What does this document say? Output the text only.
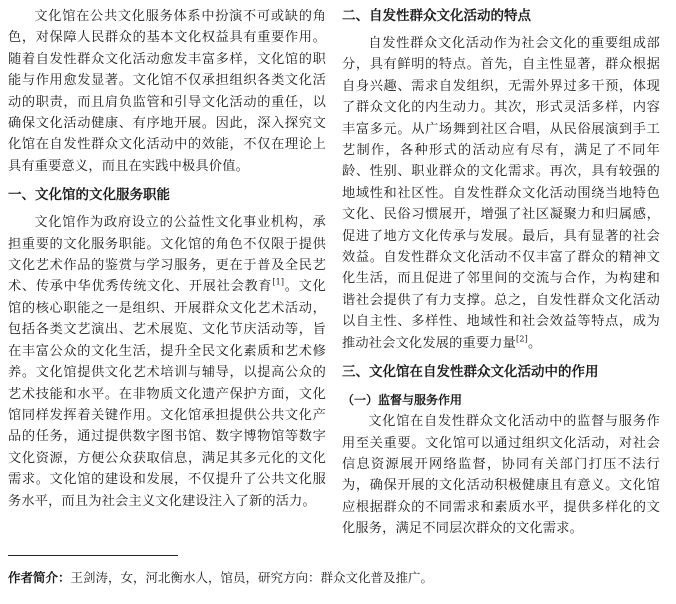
文化馆在公共文化服务体系中扮演不可或缺的角色，对保障人民群众的基本文化权益具有重要作用。随着自发性群众文化活动愈发丰富多样，文化馆的职能与作用愈发显著。文化馆不仅承担组织各类文化活动的职责，而且肩负监管和引导文化活动的重任，以确保文化活动健康、有序地开展。因此，深入探究文化馆在自发性群众文化活动中的效能，不仅在理论上具有重要意义，而且在实践中极具价值。

一、文化馆的文化服务职能

文化馆作为政府设立的公益性文化事业机构，承担重要的文化服务职能。文化馆的角色不仅限于提供文化艺术作品的鉴赏与学习服务，更在于普及全民艺术、传承中华优秀传统文化、开展社会教育[1]。文化馆的核心职能之一是组织、开展群众文化艺术活动，包括各类文艺演出、艺术展览、文化节庆活动等，旨在丰富公众的文化生活，提升全民文化素质和艺术修养。文化馆提供文化艺术培训与辅导，以提高公众的艺术技能和水平。在非物质文化遗产保护方面，文化馆同样发挥着关键作用。文化馆承担提供公共文化产品的任务，通过提供数字图书馆、数字博物馆等数字文化资源，方便公众获取信息，满足其多元化的文化需求。文化馆的建设和发展，不仅提升了公共文化服务水平，而且为社会主义文化建设注入了新的活力。

二、自发性群众文化活动的特点

自发性群众文化活动作为社会文化的重要组成部分，具有鲜明的特点。首先，自主性显著，群众根据自身兴趣、需求自发组织，无需外界过多干预，体现了群众文化的内生动力。其次，形式灵活多样，内容丰富多元。从广场舞到社区合唱，从民俗展演到手工艺制作，各种形式的活动应有尽有，满足了不同年龄、性别、职业群众的文化需求。再次，具有较强的地域性和社区性。自发性群众文化活动围绕当地特色文化、民俗习惯展开，增强了社区凝聚力和归属感，促进了地方文化传承与发展。最后，具有显著的社会效益。自发性群众文化活动不仅丰富了群众的精神文化生活，而且促进了邻里间的交流与合作，为构建和谐社会提供了有力支撑。总之，自发性群众文化活动以自主性、多样性、地域性和社会效益等特点，成为推动社会文化发展的重要力量[2]。

三、文化馆在自发性群众文化活动中的作用
（一）监督与服务作用

文化馆在自发性群众文化活动中的监督与服务作用至关重要。文化馆可以通过组织文化活动，对社会信息资源展开网络监督，协同有关部门打压不法行为，确保开展的文化活动积极健康且有意义。文化馆应根据群众的不同需求和素质水平，提供多样化的文化服务，满足不同层次群众的文化需求。

作者简介：王剑涛，女，河北衡水人，馆员，研究方向：群众文化普及推广。
